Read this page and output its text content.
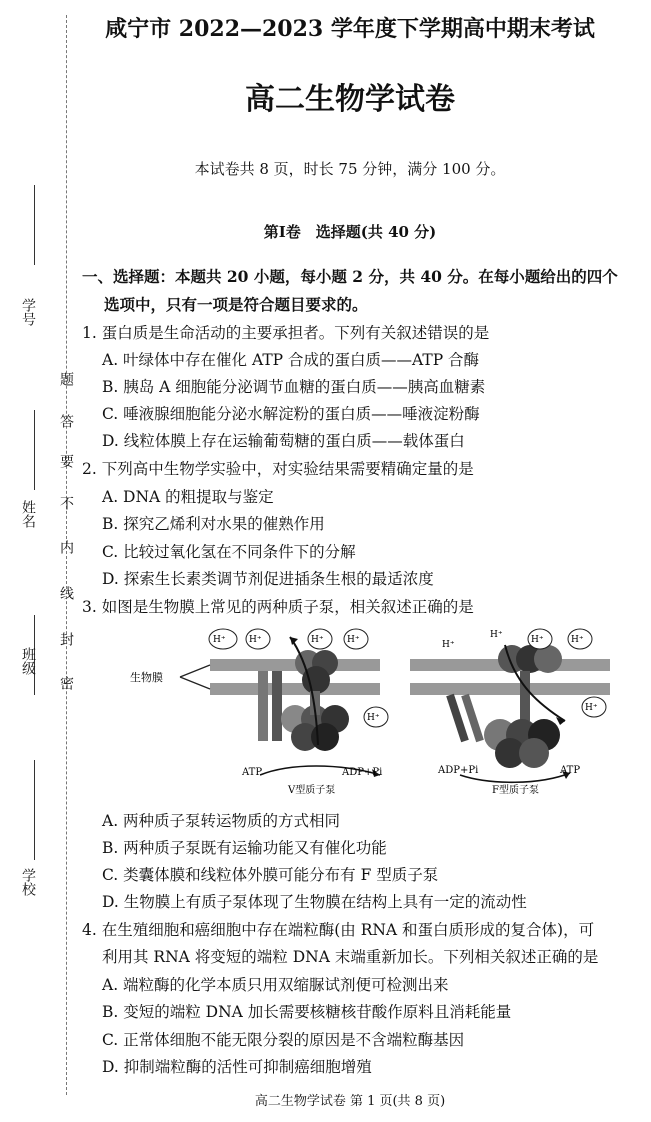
学号
姓名
班级
学校
题
答
要
不
内
线
封
密
咸宁市 2022—2023 学年度下学期高中期末考试
高二生物学试卷
本试卷共 8 页，时长 75 分钟，满分 100 分。
第Ⅰ卷　选择题(共 40 分)
一、选择题：本题共 20 小题，每小题 2 分，共 40 分。在每小题给出的四个
选项中，只有一项是符合题目要求的。
1. 蛋白质是生命活动的主要承担者。下列有关叙述错误的是
A. 叶绿体中存在催化 ATP 合成的蛋白质——ATP 合酶
B. 胰岛 A 细胞能分泌调节血糖的蛋白质——胰高血糖素
C. 唾液腺细胞能分泌水解淀粉的蛋白质——唾液淀粉酶
D. 线粒体膜上存在运输葡萄糖的蛋白质——载体蛋白
2. 下列高中生物学实验中，对实验结果需要精确定量的是
A. DNA 的粗提取与鉴定
B. 探究乙烯利对水果的催熟作用
C. 比较过氧化氢在不同条件下的分解
D. 探索生长素类调节剂促进插条生根的最适浓度
3. 如图是生物膜上常见的两种质子泵，相关叙述正确的是
生物膜
H⁺	H⁺	H⁺	H⁺
H⁺
ATP	ADP+Pi
V型质子泵
H⁺
H⁺	H⁺	H⁺
H⁺
ADP+Pi	ATP
F型质子泵
A. 两种质子泵转运物质的方式相同
B. 两种质子泵既有运输功能又有催化功能
C. 类囊体膜和线粒体外膜可能分布有 F 型质子泵
D. 生物膜上有质子泵体现了生物膜在结构上具有一定的流动性
4. 在生殖细胞和癌细胞中存在端粒酶(由 RNA 和蛋白质形成的复合体)，可
利用其 RNA 将变短的端粒 DNA 末端重新加长。下列相关叙述正确的是
A. 端粒酶的化学本质只用双缩脲试剂便可检测出来
B. 变短的端粒 DNA 加长需要核糖核苷酸作原料且消耗能量
C. 正常体细胞不能无限分裂的原因是不含端粒酶基因
D. 抑制端粒酶的活性可抑制癌细胞增殖
高二生物学试卷 第 1 页(共 8 页)
